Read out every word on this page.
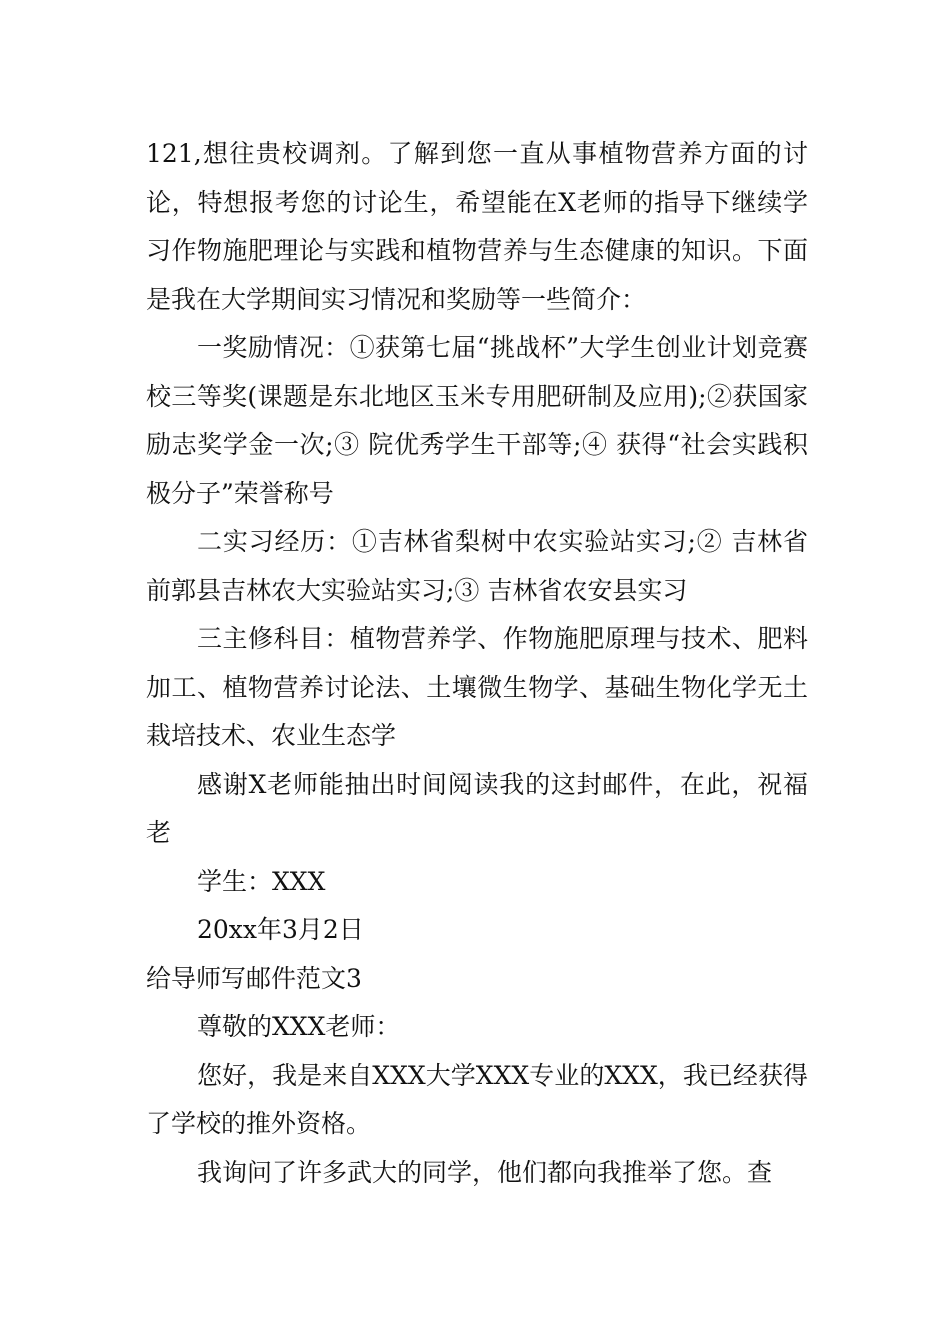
121,想往贵校调剂。了解到您一直从事植物营养方面的讨论，特想报考您的讨论生，希望能在X老师的指导下继续学习作物施肥理论与实践和植物营养与生态健康的知识。下面是我在大学期间实习情况和奖励等一些简介：

一奖励情况：①获第七届“挑战杯”大学生创业计划竞赛校三等奖(课题是东北地区玉米专用肥研制及应用);②获国家励志奖学金一次;③ 院优秀学生干部等;④ 获得“社会实践积极分子”荣誉称号

二实习经历：①吉林省梨树中农实验站实习;② 吉林省前郭县吉林农大实验站实习;③ 吉林省农安县实习

三主修科目：植物营养学、作物施肥原理与技术、肥料加工、植物营养讨论法、土壤微生物学、基础生物化学无土栽培技术、农业生态学

感谢X老师能抽出时间阅读我的这封邮件，在此，祝福老

学生：XXX

20xx年3月2日

给导师写邮件范文3

尊敬的XXX老师：

您好，我是来自XXX大学XXX专业的XXX，我已经获得了学校的推外资格。

我询问了许多武大的同学，他们都向我推举了您。查
